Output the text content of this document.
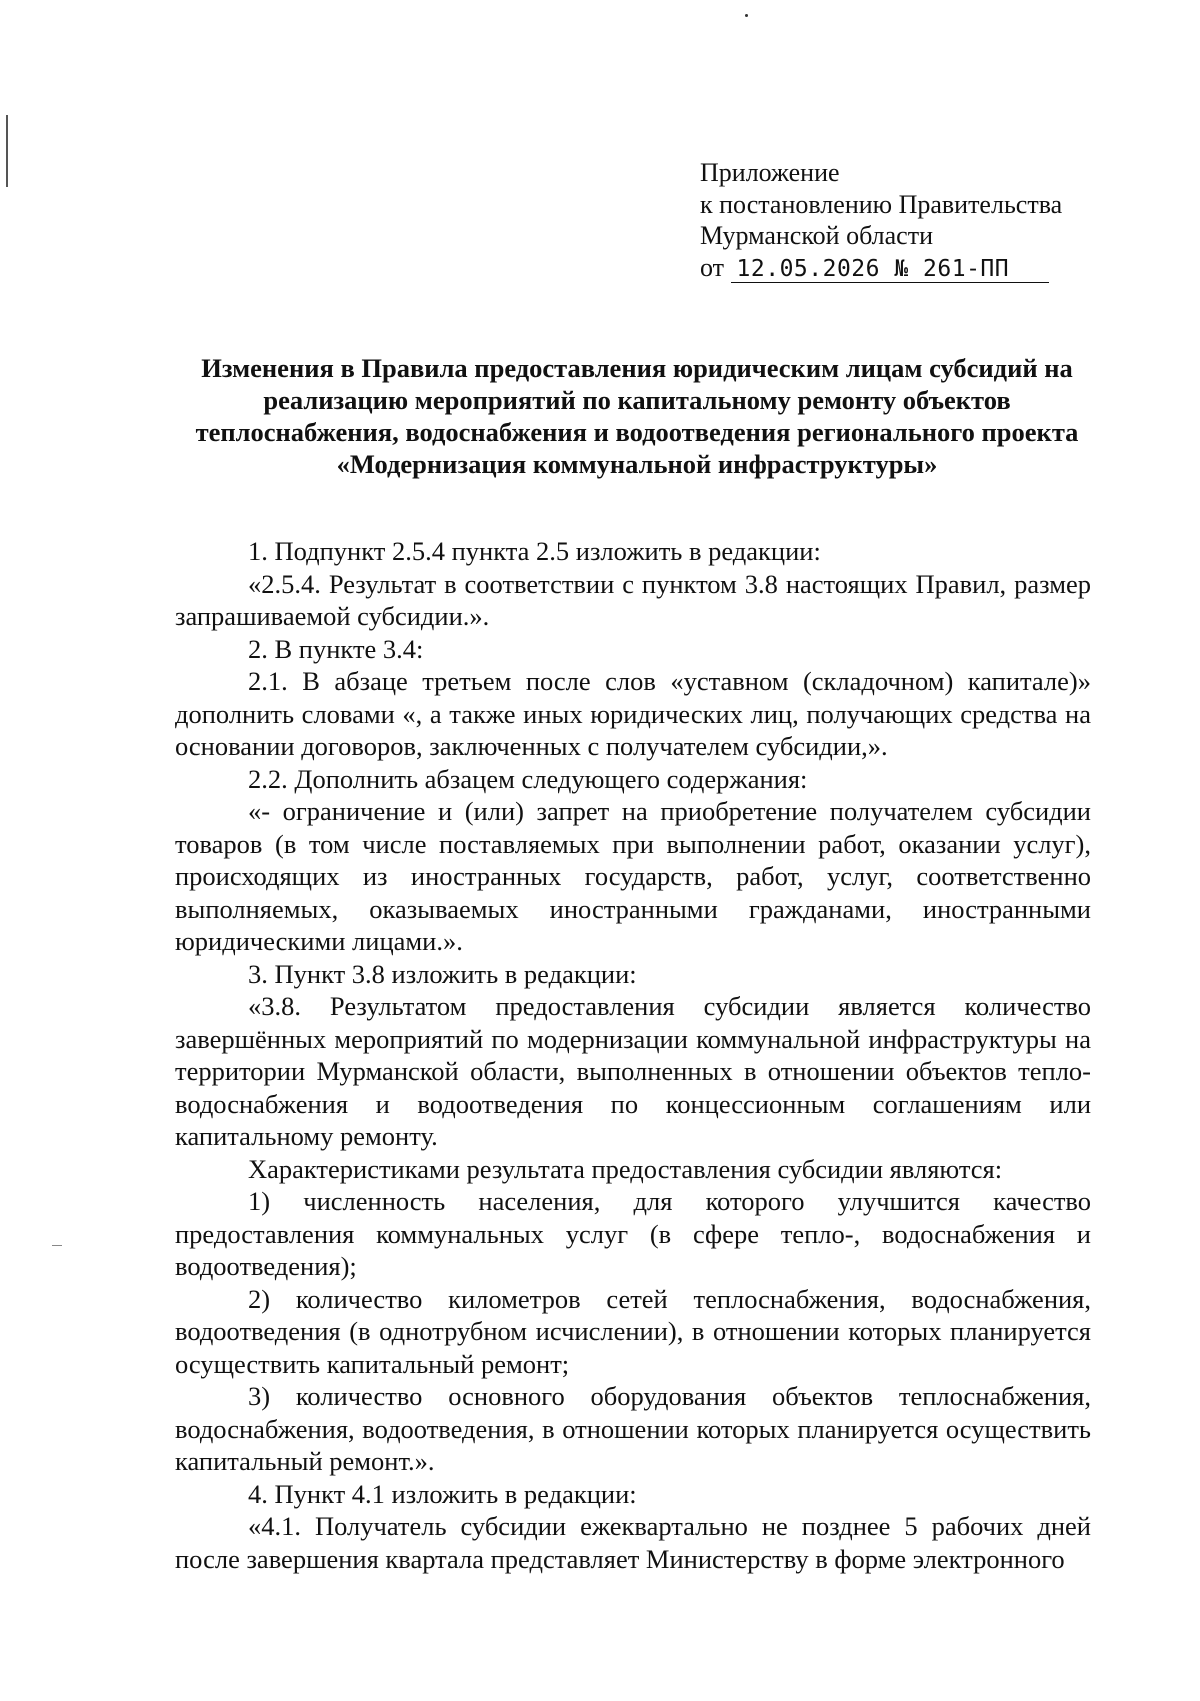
Приложение
к постановлению Правительства
Мурманской области
от 12.05.2026 № 261-ПП
Изменения в Правила предоставления юридическим лицам субсидий на реализацию мероприятий по капитальному ремонту объектов теплоснабжения, водоснабжения и водоотведения регионального проекта «Модернизация коммунальной инфраструктуры»

1. Подпункт 2.5.4 пункта 2.5 изложить в редакции:

«2.5.4. Результат в соответствии с пунктом 3.8 настоящих Правил, размер запрашиваемой субсидии.».

2. В пункте 3.4:

2.1. В абзаце третьем после слов «уставном (складочном) капитале)» дополнить словами «, а также иных юридических лиц, получающих средства на основании договоров, заключенных с получателем субсидии,».

2.2. Дополнить абзацем следующего содержания:

«- ограничение и (или) запрет на приобретение получателем субсидии товаров (в том числе поставляемых при выполнении работ, оказании услуг), происходящих из иностранных государств, работ, услуг, соответственно выполняемых, оказываемых иностранными гражданами, иностранными юридическими лицами.».

3. Пункт 3.8 изложить в редакции:

«3.8. Результатом предоставления субсидии является количество завершённых мероприятий по модернизации коммунальной инфраструктуры на территории Мурманской области, выполненных в отношении объектов тепло-водоснабжения и водоотведения по концессионным соглашениям или капитальному ремонту.

Характеристиками результата предоставления субсидии являются:

1) численность населения, для которого улучшится качество предоставления коммунальных услуг (в сфере тепло-, водоснабжения и водоотведения);

2) количество километров сетей теплоснабжения, водоснабжения, водоотведения (в однотрубном исчислении), в отношении которых планируется осуществить капитальный ремонт;

3) количество основного оборудования объектов теплоснабжения, водоснабжения, водоотведения, в отношении которых планируется осуществить капитальный ремонт.».

4. Пункт 4.1 изложить в редакции:

«4.1. Получатель субсидии ежеквартально не позднее 5 рабочих дней после завершения квартала представляет Министерству в форме электронного
